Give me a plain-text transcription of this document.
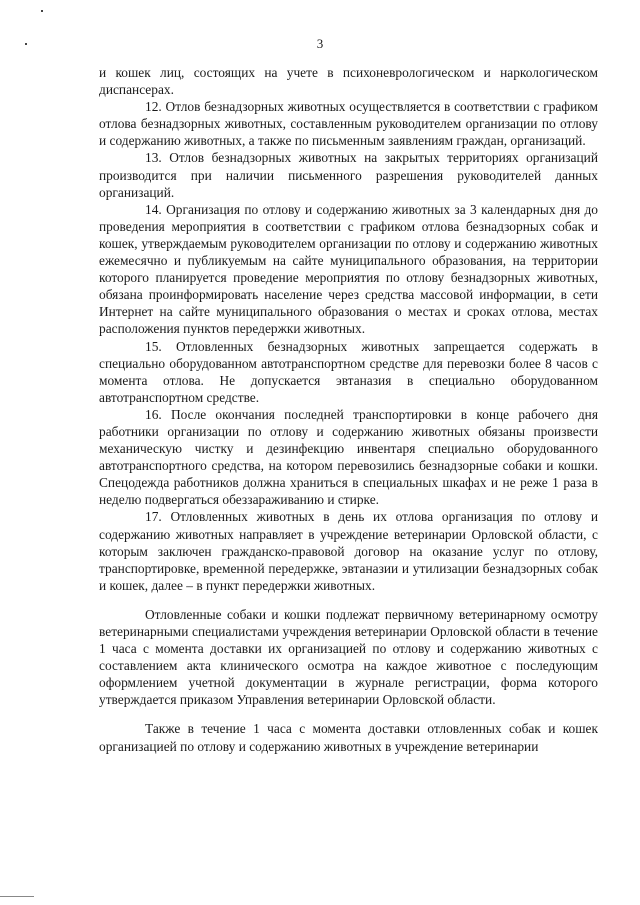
3

и кошек лиц, состоящих на учете в психоневрологическом и наркологическом диспансерах.

12. Отлов безнадзорных животных осуществляется в соответствии с графиком отлова безнадзорных животных, составленным руководителем организации по отлову и содержанию животных, а также по письменным заявлениям граждан, организаций.

13. Отлов безнадзорных животных на закрытых территориях организаций производится при наличии письменного разрешения руководителей данных организаций.

14. Организация по отлову и содержанию животных за 3 календарных дня до проведения мероприятия в соответствии с графиком отлова безнадзорных собак и кошек, утверждаемым руководителем организации по отлову и содержанию животных ежемесячно и публикуемым на сайте муниципального образования, на территории которого планируется проведение мероприятия по отлову безнадзорных животных, обязана проинформировать население через средства массовой информации, в сети Интернет на сайте муниципального образования о местах и сроках отлова, местах расположения пунктов передержки животных.

15. Отловленных безнадзорных животных запрещается содержать в специально оборудованном автотранспортном средстве для перевозки более 8 часов с момента отлова. Не допускается эвтаназия в специально оборудованном автотранспортном средстве.

16. После окончания последней транспортировки в конце рабочего дня работники организации по отлову и содержанию животных обязаны произвести механическую чистку и дезинфекцию инвентаря специально оборудованного автотранспортного средства, на котором перевозились безнадзорные собаки и кошки. Спецодежда работников должна храниться в специальных шкафах и не реже 1 раза в неделю подвергаться обеззараживанию и стирке.

17. Отловленных животных в день их отлова организация по отлову и содержанию животных направляет в учреждение ветеринарии Орловской области, с которым заключен гражданско-правовой договор на оказание услуг по отлову, транспортировке, временной передержке, эвтаназии и утилизации безнадзорных собак и кошек, далее – в пункт передержки животных.

Отловленные собаки и кошки подлежат первичному ветеринарному осмотру ветеринарными специалистами учреждения ветеринарии Орловской области в течение 1 часа с момента доставки их организацией по отлову и содержанию животных с составлением акта клинического осмотра на каждое животное с последующим оформлением учетной документации в журнале регистрации, форма которого утверждается приказом Управления ветеринарии Орловской области.

Также в течение 1 часа с момента доставки отловленных собак и кошек организацией по отлову и содержанию животных в учреждение ветеринарии
